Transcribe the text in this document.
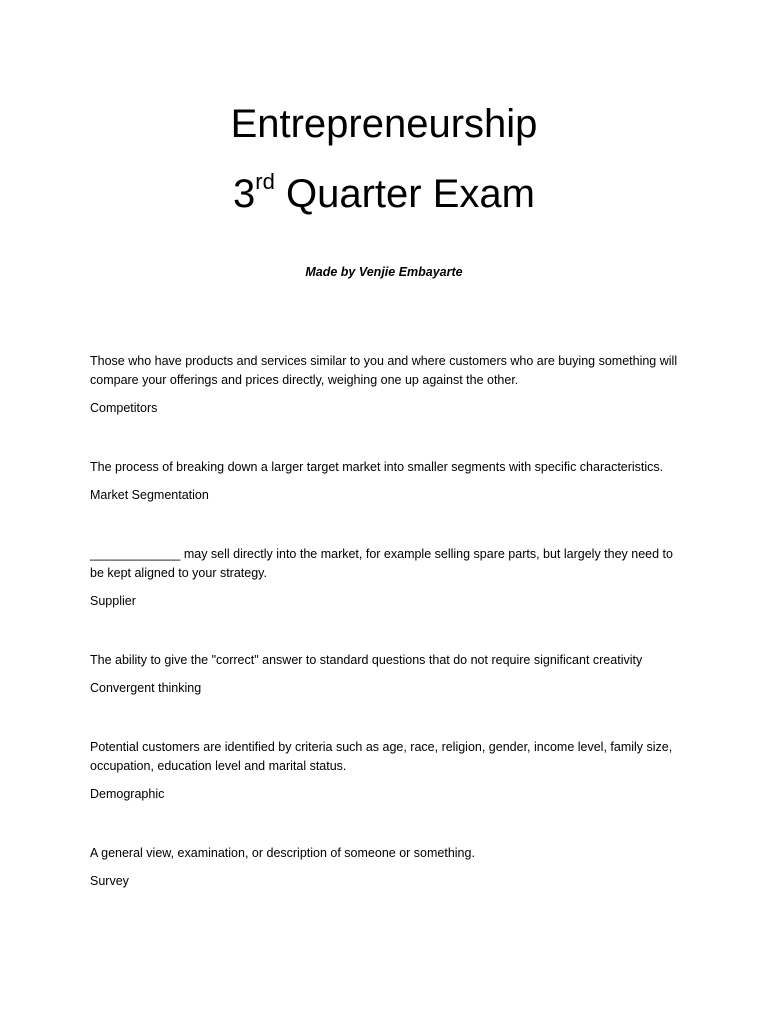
Entrepreneurship
3rd Quarter Exam
Made by Venjie Embayarte

Those who have products and services similar to you and where customers who are buying something will compare your offerings and prices directly, weighing one up against the other.

Competitors

The process of breaking down a larger target market into smaller segments with specific characteristics.

Market Segmentation

_____________ may sell directly into the market, for example selling spare parts, but largely they need to be kept aligned to your strategy.

Supplier

The ability to give the "correct" answer to standard questions that do not require significant creativity

Convergent thinking

Potential customers are identified by criteria such as age, race, religion, gender, income level, family size, occupation, education level and marital status.

Demographic

A general view, examination, or description of someone or something.

Survey
